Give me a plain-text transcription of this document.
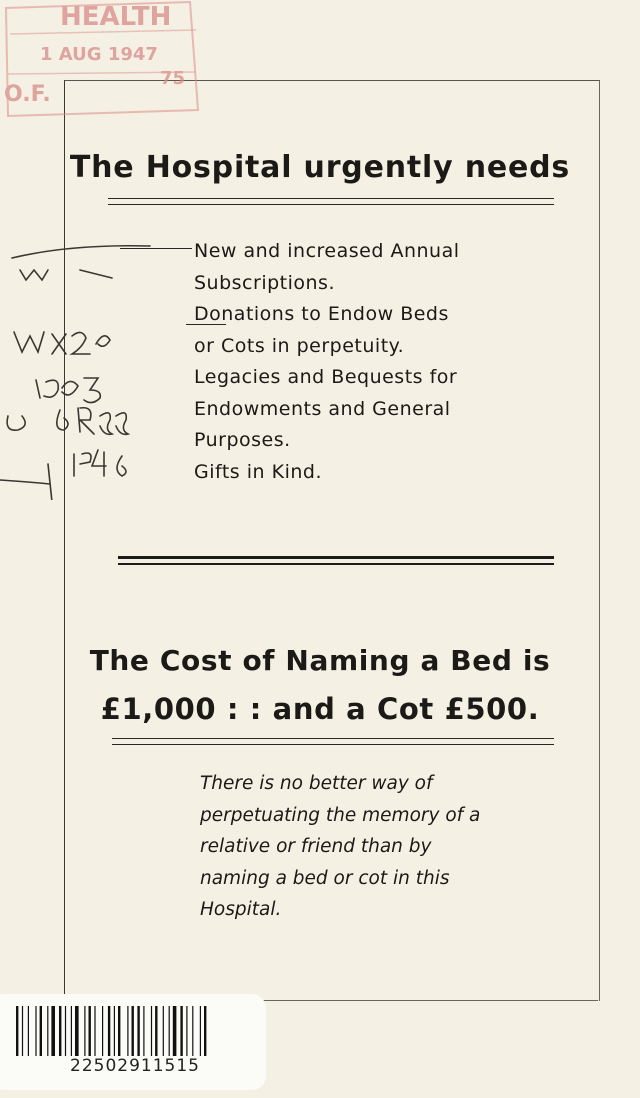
HEALTH
1 AUG 1947
75
O.F.
The Hospital urgently needs
New and increased Annual
Subscriptions.
Donations to Endow Beds
or Cots in perpetuity.
Legacies and Bequests for
Endowments and General
Purposes.
Gifts in Kind.
The Cost of Naming a Bed is
£1,000 : : and a Cot £500.
There is no better way of
perpetuating the memory of a
relative or friend than by
naming a bed or cot in this
Hospital.
22502911515
